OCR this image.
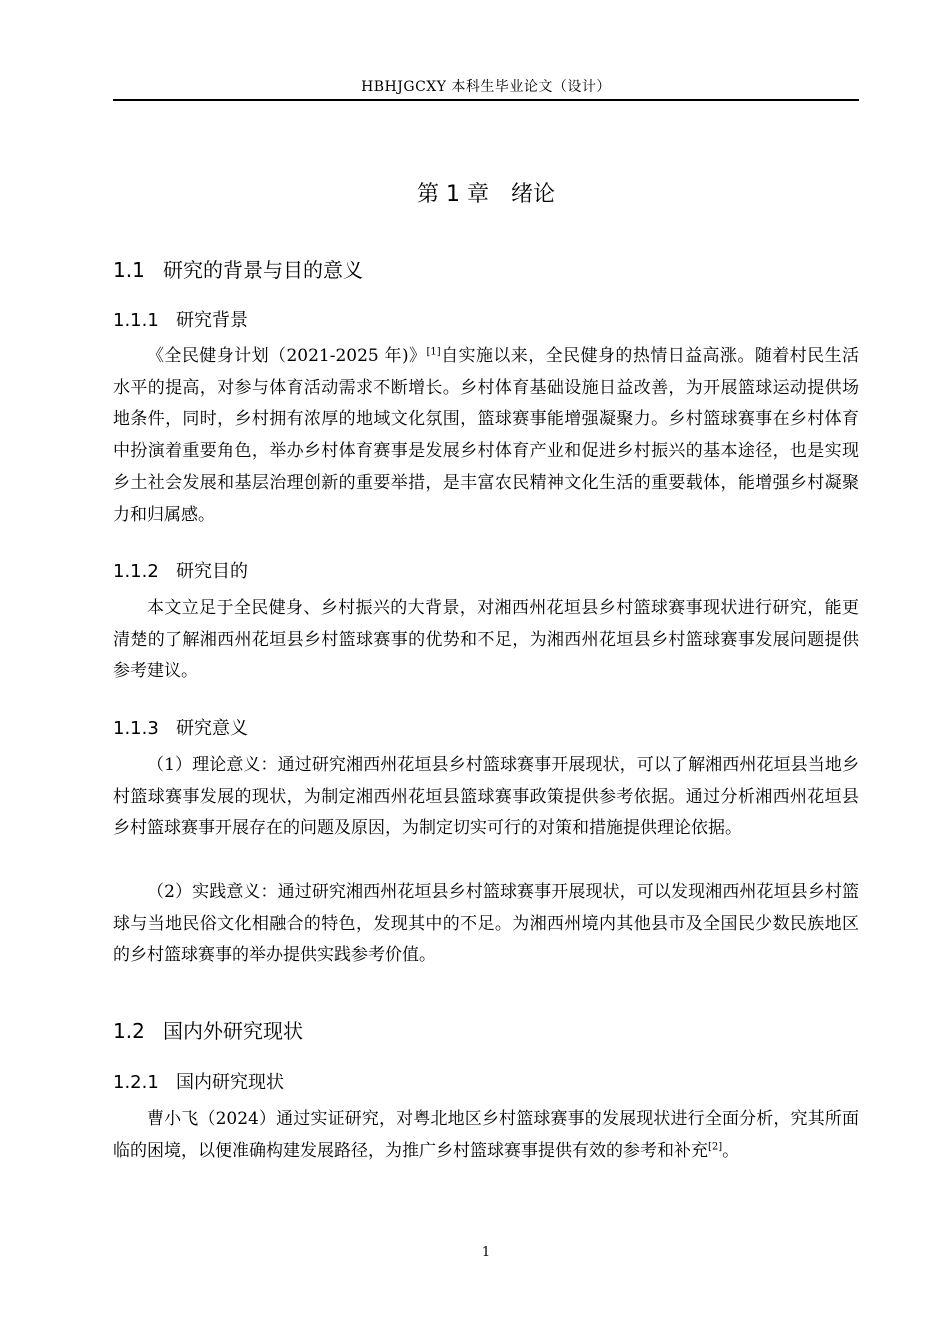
HBHJGCXY 本科生毕业论文（设计）
第 1 章　绪论
1.1 研究的背景与目的意义
1.1.1 研究背景

《全民健身计划（2021-2025 年)》[1]自实施以来，全民健身的热情日益高涨。随着村民生活水平的提高，对参与体育活动需求不断增长。乡村体育基础设施日益改善，为开展篮球运动提供场地条件，同时，乡村拥有浓厚的地域文化氛围，篮球赛事能增强凝聚力。乡村篮球赛事在乡村体育中扮演着重要角色，举办乡村体育赛事是发展乡村体育产业和促进乡村振兴的基本途径，也是实现乡土社会发展和基层治理创新的重要举措，是丰富农民精神文化生活的重要载体，能增强乡村凝聚力和归属感。

1.1.2 研究目的

本文立足于全民健身、乡村振兴的大背景，对湘西州花垣县乡村篮球赛事现状进行研究，能更清楚的了解湘西州花垣县乡村篮球赛事的优势和不足，为湘西州花垣县乡村篮球赛事发展问题提供参考建议。

1.1.3 研究意义

（1）理论意义：通过研究湘西州花垣县乡村篮球赛事开展现状，可以了解湘西州花垣县当地乡村篮球赛事发展的现状，为制定湘西州花垣县篮球赛事政策提供参考依据。通过分析湘西州花垣县乡村篮球赛事开展存在的问题及原因，为制定切实可行的对策和措施提供理论依据。

（2）实践意义：通过研究湘西州花垣县乡村篮球赛事开展现状，可以发现湘西州花垣县乡村篮球与当地民俗文化相融合的特色，发现其中的不足。为湘西州境内其他县市及全国民少数民族地区的乡村篮球赛事的举办提供实践参考价值。

1.2 国内外研究现状
1.2.1 国内研究现状

曹小飞（2024）通过实证研究，对粤北地区乡村篮球赛事的发展现状进行全面分析，究其所面临的困境，以便准确构建发展路径，为推广乡村篮球赛事提供有效的参考和补充[2]。

1
